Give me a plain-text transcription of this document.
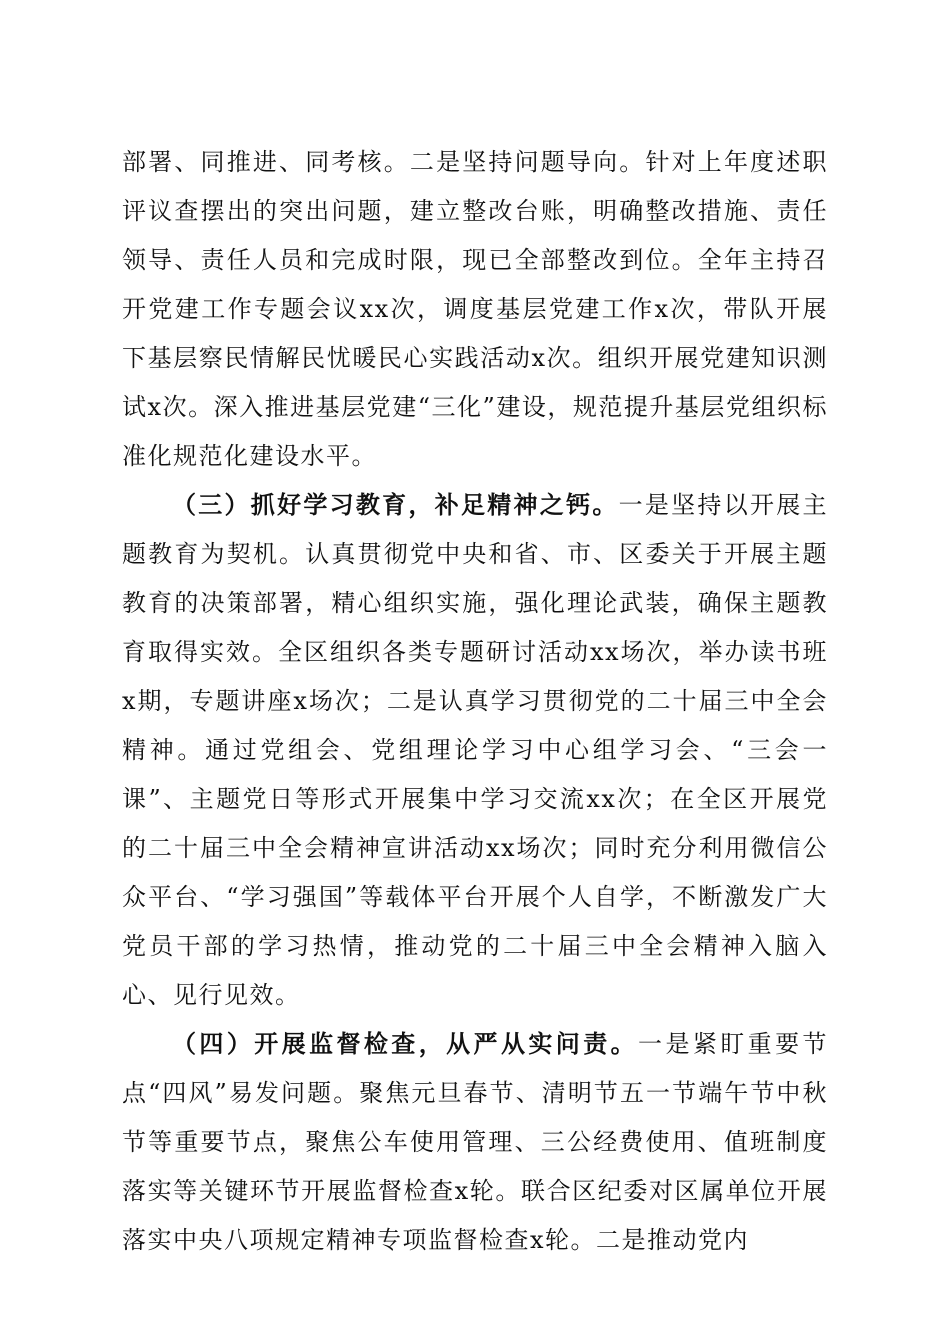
部署、同推进、同考核。二是坚持问题导向。针对上年度述职评议查摆出的突出问题，建立整改台账，明确整改措施、责任领导、责任人员和完成时限，现已全部整改到位。全年主持召开党建工作专题会议xx次，调度基层党建工作x次，带队开展下基层察民情解民忧暖民心实践活动x次。组织开展党建知识测试x次。深入推进基层党建“三化”建设，规范提升基层党组织标准化规范化建设水平。

（三）抓好学习教育，补足精神之钙。一是坚持以开展主题教育为契机。认真贯彻党中央和省、市、区委关于开展主题教育的决策部署，精心组织实施，强化理论武装，确保主题教育取得实效。全区组织各类专题研讨活动xx场次，举办读书班x期，专题讲座x场次；二是认真学习贯彻党的二十届三中全会精神。通过党组会、党组理论学习中心组学习会、“三会一课”、主题党日等形式开展集中学习交流xx次；在全区开展党的二十届三中全会精神宣讲活动xx场次；同时充分利用微信公众平台、“学习强国”等载体平台开展个人自学，不断激发广大党员干部的学习热情，推动党的二十届三中全会精神入脑入心、见行见效。

（四）开展监督检查，从严从实问责。一是紧盯重要节点“四风”易发问题。聚焦元旦春节、清明节五一节端午节中秋节等重要节点，聚焦公车使用管理、三公经费使用、值班制度落实等关键环节开展监督检查x轮。联合区纪委对区属单位开展落实中央八项规定精神专项监督检查x轮。二是推动党内
